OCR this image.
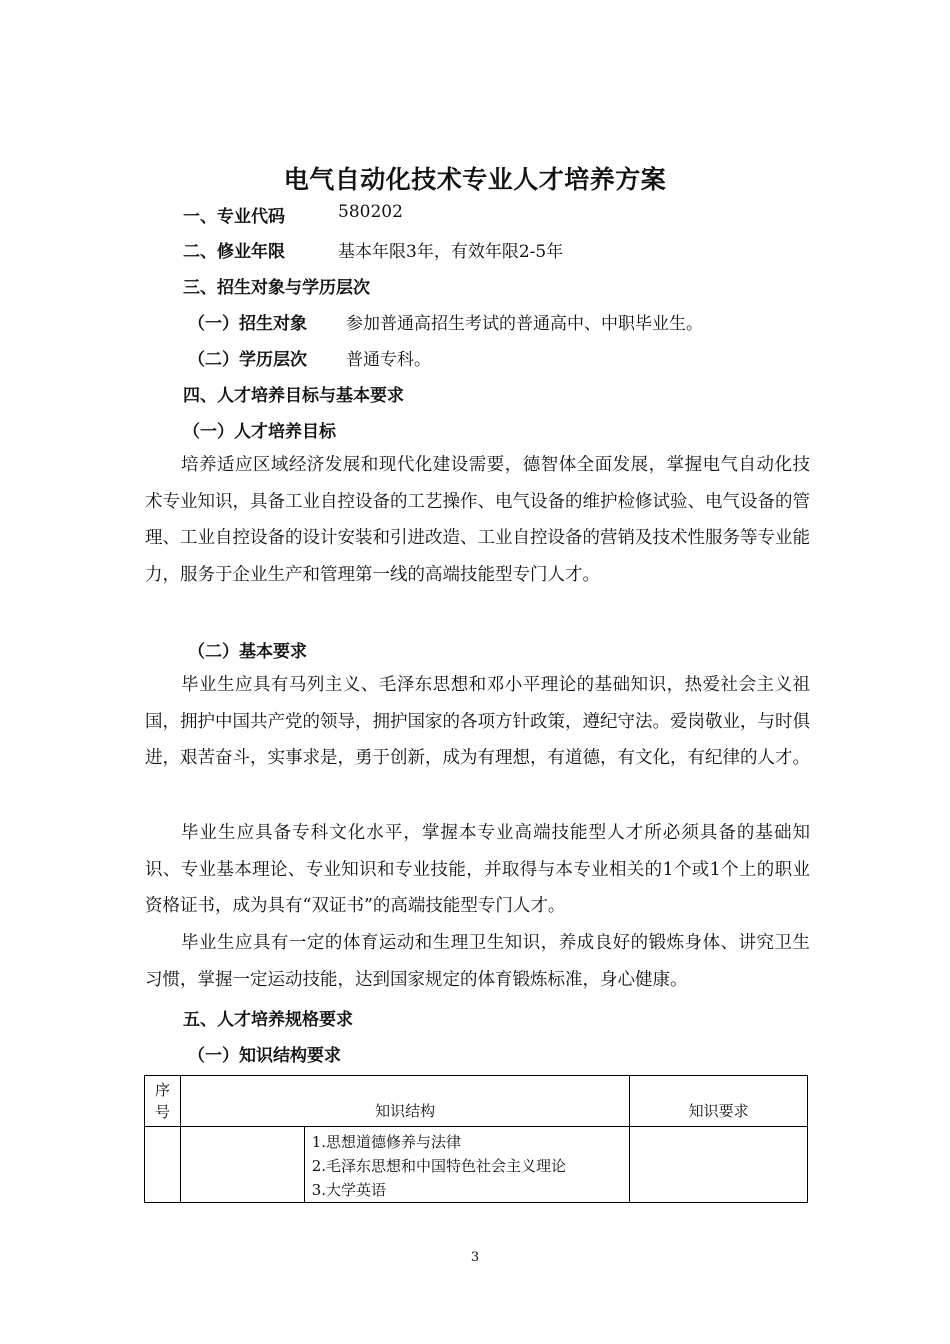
电气自动化技术专业人才培养方案
一、专业代码	580202
二、修业年限	基本年限3年，有效年限2-5年
三、招生对象与学历层次
（一）招生对象 参加普通高招生考试的普通高中、中职毕业生。
（二）学历层次 普通专科。
四、人才培养目标与基本要求
（一）人才培养目标
培养适应区域经济发展和现代化建设需要，德智体全面发展，掌握电气自动化技术专业知识，具备工业自控设备的工艺操作、电气设备的维护检修试验、电气设备的管理、工业自控设备的设计安装和引进改造、工业自控设备的营销及技术性服务等专业能力，服务于企业生产和管理第一线的高端技能型专门人才。
（二）基本要求
毕业生应具有马列主义、毛泽东思想和邓小平理论的基础知识，热爱社会主义祖国，拥护中国共产党的领导，拥护国家的各项方针政策，遵纪守法。爱岗敬业，与时俱进，艰苦奋斗，实事求是，勇于创新，成为有理想，有道德，有文化，有纪律的人才。
毕业生应具备专科文化水平，掌握本专业高端技能型人才所必须具备的基础知识、专业基本理论、专业知识和专业技能，并取得与本专业相关的1个或1个上的职业资格证书，成为具有“双证书”的高端技能型专门人才。
毕业生应具有一定的体育运动和生理卫生知识，养成良好的锻炼身体、讲究卫生习惯，掌握一定运动技能，达到国家规定的体育锻炼标准，身心健康。
五、人才培养规格要求
（一）知识结构要求
序号	知识结构		知识要求

		1.思想道德修养与法律
2.毛泽东思想和中国特色社会主义理论
3.大学英语	

3
